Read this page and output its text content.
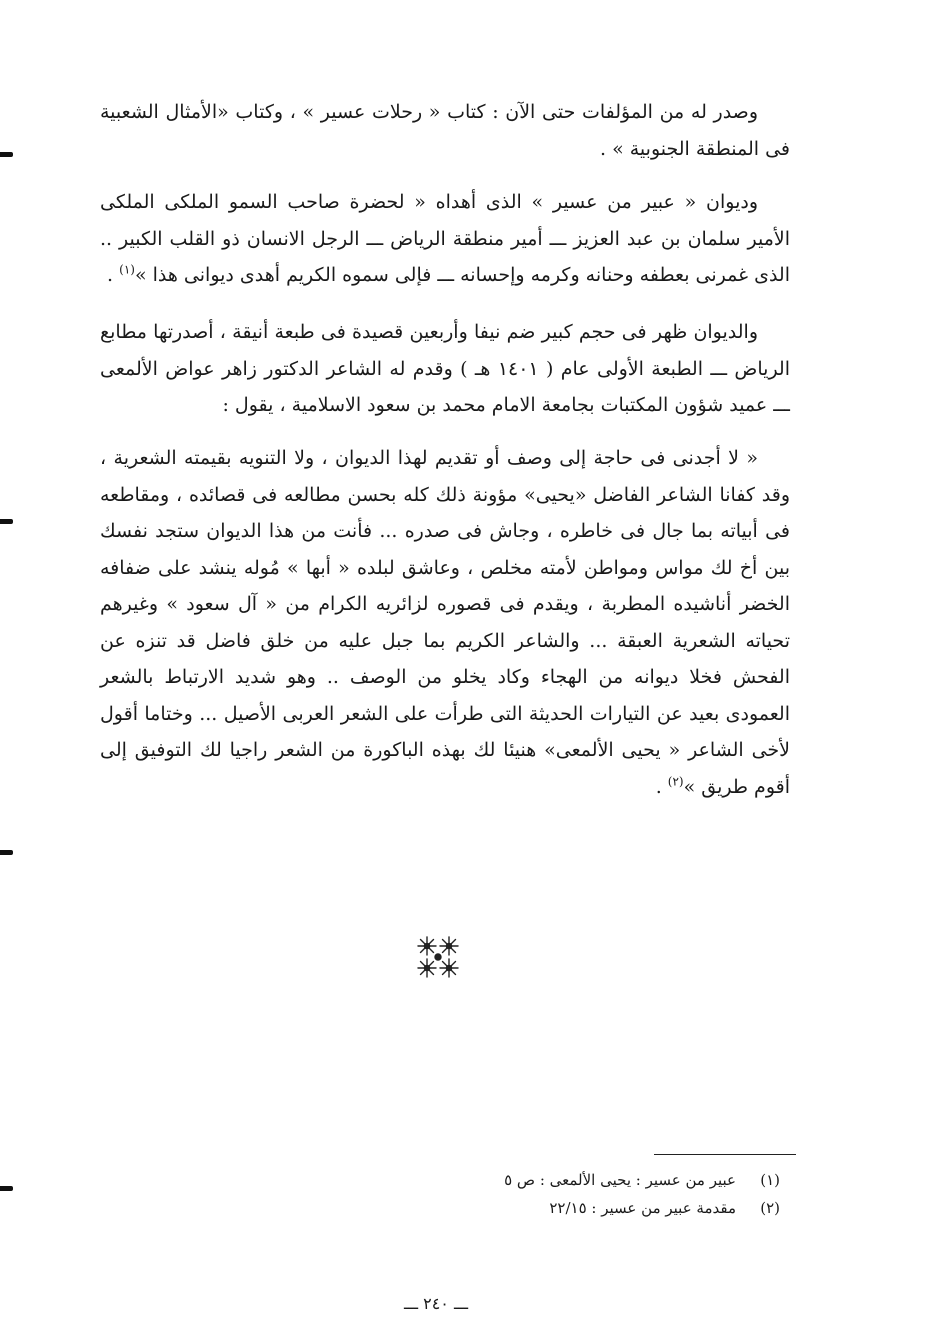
وصدر له من المؤلفات حتى الآن : كتاب « رحلات عسير » ، وكتاب «الأمثال الشعبية فى المنطقة الجنوبية » .

وديوان « عبير من عسير » الذى أهداه « لحضرة صاحب السمو الملكى الملكى الأمير سلمان بن عبد العزيز ـــ أمير منطقة الرياض ـــ الرجل الانسان ذو القلب الكبير .. الذى غمرنى بعطفه وحنانه وكرمه وإحسانه ـــ فإلى سموه الكريم أهدى ديوانى هذا »$^{(١)}$ .

والديوان ظهر فى حجم كبير ضم نيفا وأربعين قصيدة فى طبعة أنيقة ، أصدرتها مطابع الرياض ـــ الطبعة الأولى عام ( ١٤٠١ هـ ) وقدم له الشاعر الدكتور زاهر عواض الألمعى ـــ عميد شؤون المكتبات بجامعة الامام محمد بن سعود الاسلامية ، يقول :

« لا أجدنى فى حاجة إلى وصف أو تقديم لهذا الديوان ، ولا التنويه بقيمته الشعرية ، وقد كفانا الشاعر الفاضل «يحيى» مؤونة ذلك كله بحسن مطالعه فى قصائده ، ومقاطعه فى أبياته بما جال فى خاطره ، وجاش فى صدره ... فأنت من هذا الديوان ستجد نفسك بين أخ لك مواس ومواطن لأمته مخلص ، وعاشق لبلده « أبها » مُوله ينشد على ضفافه الخضر أناشيده المطربة ، ويقدم فى قصوره لزائريه الكرام من « آل سعود » وغيرهم تحياته الشعرية العبقة ... والشاعر الكريم بما جبل عليه من خلق فاضل قد تنزه عن الفحش فخلا ديوانه من الهجاء وكاد يخلو من الوصف .. وهو شديد الارتباط بالشعر العمودى بعيد عن التيارات الحديثة التى طرأت على الشعر العربى الأصيل ... وختاما أقول لأخى الشاعر « يحيى الألمعى» هنيئا لك بهذه الباكورة من الشعر راجيا لك التوفيق إلى أقوم طريق »$^{(٢)}$ .

(١)
عبير من عسير : يحيى الألمعى : ص ٥
(٢)
مقدمة عبير من عسير : ٢٢/١٥
ـــ ٢٤٠ ـــ
